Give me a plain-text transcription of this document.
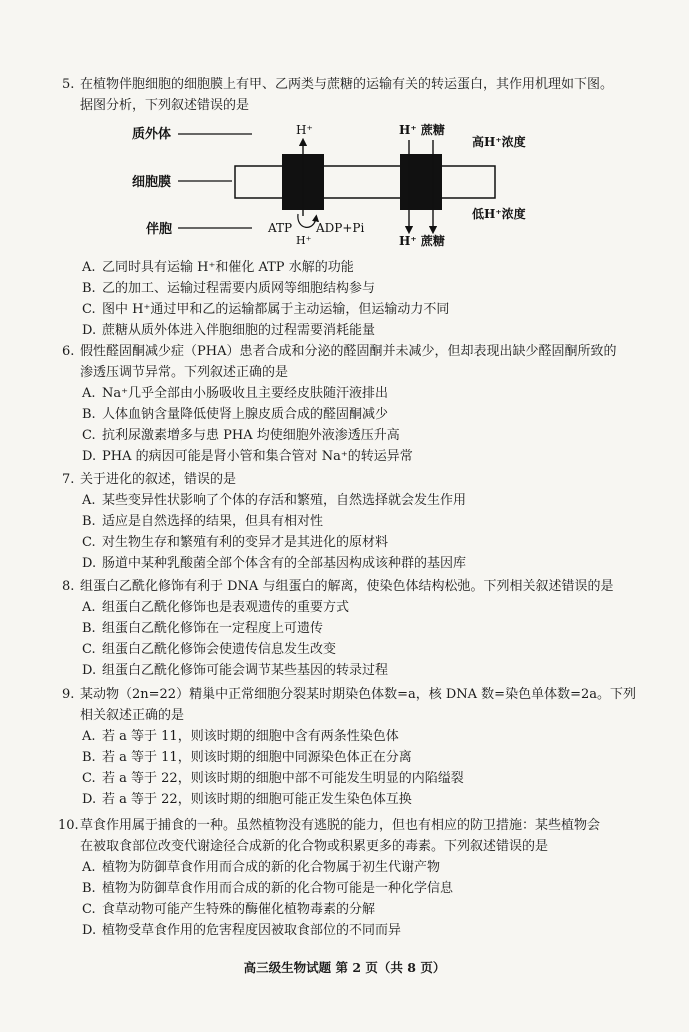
5. 在植物伴胞细胞的细胞膜上有甲、乙两类与蔗糖的运输有关的转运蛋白，其作用机理如下图。
据图分析，下列叙述错误的是
质外体
细胞膜
伴胞
H⁺	H⁺ 蔗糖
高H⁺浓度
低H⁺浓度
ATP ADP+Pi
H⁺	H⁺ 蔗糖
A. 乙同时具有运输 H⁺和催化 ATP 水解的功能
B. 乙的加工、运输过程需要内质网等细胞结构参与
C. 图中 H⁺通过甲和乙的运输都属于主动运输，但运输动力不同
D. 蔗糖从质外体进入伴胞细胞的过程需要消耗能量
6. 假性醛固酮减少症（PHA）患者合成和分泌的醛固酮并未减少，但却表现出缺少醛固酮所致的
渗透压调节异常。下列叙述正确的是
A. Na⁺几乎全部由小肠吸收且主要经皮肤随汗液排出
B. 人体血钠含量降低使肾上腺皮质合成的醛固酮减少
C. 抗利尿激素增多与患 PHA 均使细胞外液渗透压升高
D. PHA 的病因可能是肾小管和集合管对 Na⁺的转运异常
7. 关于进化的叙述，错误的是
A. 某些变异性状影响了个体的存活和繁殖，自然选择就会发生作用
B. 适应是自然选择的结果，但具有相对性
C. 对生物生存和繁殖有利的变异才是其进化的原材料
D. 肠道中某种乳酸菌全部个体含有的全部基因构成该种群的基因库
8. 组蛋白乙酰化修饰有利于 DNA 与组蛋白的解离，使染色体结构松弛。下列相关叙述错误的是
A. 组蛋白乙酰化修饰也是表观遗传的重要方式
B. 组蛋白乙酰化修饰在一定程度上可遗传
C. 组蛋白乙酰化修饰会使遗传信息发生改变
D. 组蛋白乙酰化修饰可能会调节某些基因的转录过程
9. 某动物（2n=22）精巢中正常细胞分裂某时期染色体数=a，核 DNA 数=染色单体数=2a。下列
相关叙述正确的是
A. 若 a 等于 11，则该时期的细胞中含有两条性染色体
B. 若 a 等于 11，则该时期的细胞中同源染色体正在分离
C. 若 a 等于 22，则该时期的细胞中部不可能发生明显的内陷缢裂
D. 若 a 等于 22，则该时期的细胞可能正发生染色体互换
10. 草食作用属于捕食的一种。虽然植物没有逃脱的能力，但也有相应的防卫措施：某些植物会
在被取食部位改变代谢途径合成新的化合物或积累更多的毒素。下列叙述错误的是
A. 植物为防御草食作用而合成的新的化合物属于初生代谢产物
B. 植物为防御草食作用而合成的新的化合物可能是一种化学信息
C. 食草动物可能产生特殊的酶催化植物毒素的分解
D. 植物受草食作用的危害程度因被取食部位的不同而异
高三级生物试题 第 2 页（共 8 页）
